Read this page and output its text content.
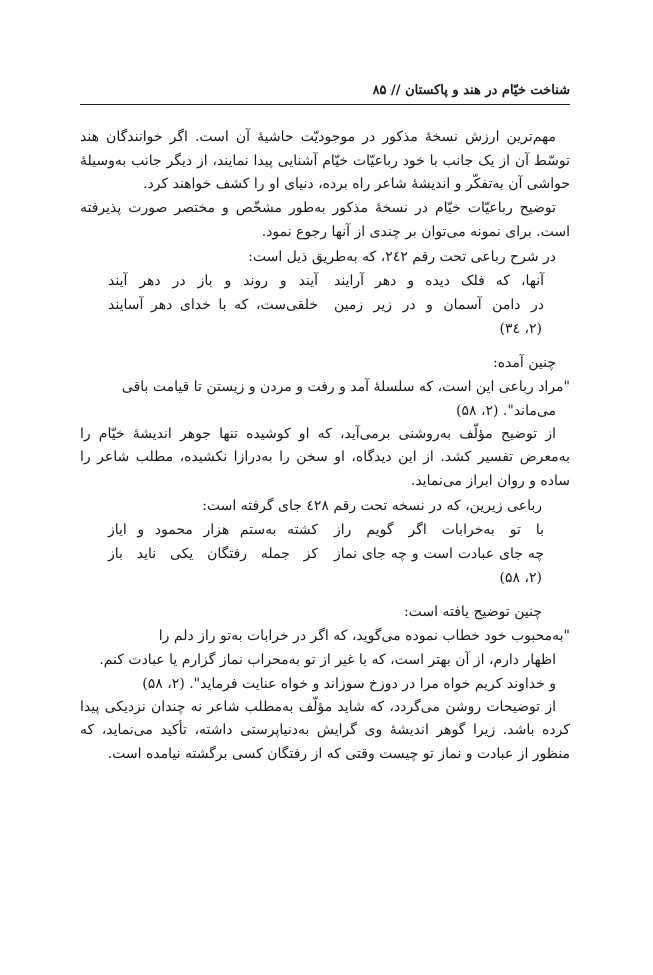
شناخت خیّام در هند و پاکستان // ۸۵

مهم‌ترین ارزش نسخهٔ مذکور در موجودیّت حاشیهٔ آن است. اگر خوانندگان هند توسّط آن از یک جانب با خود رباعیّات خیّام آشنایی پیدا نمایند، از دیگر جانب به‌وسیلهٔ حواشی آن به‌تفکّر و اندیشهٔ شاعر راه برده، دنیای او را کشف خواهند کرد.

توضیح رباعیّات خیّام در نسخهٔ مذکور به‌طور مشخّص و مختصر صورت پذیرفته است. برای نمونه می‌توان بر چندی از آنها رجوع نمود.

در شرح رباعی تحت رقم ۲٤۲، که به‌طریق ذیل است:

آنها، که فلک دیده و دهر آرایند
آیند و روند و باز در دهر آیند
در دامن آسمان و در زیر زمین
خلقی‌ست، که با خدای دهر آسایند

(۲، ۳٤)

چنین آمده:

"مراد رباعی این است، که سلسلهٔ آمد و رفت و مردن و زیستن تا قیامت باقی

می‌ماند". (۲، ۵۸)

از توضیح مؤلّف به‌روشنی برمی‌آید، که او کوشیده تنها جوهر اندیشهٔ خیّام را به‌معرض تفسیر کشد. از این دیدگاه، او سخن را به‌درازا نکشیده، مطلب شاعر را ساده و روان ابراز می‌نماید.

رباعی زیرین، که در نسخه تحت رقم ٤۲۸ جای گرفته است:

با تو به‌خرابات اگر گویم راز
کشته به‌ستم هزار محمود و ایاز
چه جای عبادت است و چه جای نماز
کز جمله رفتگان یکی ناید باز

(۲، ۵۸)

چنین توضیح یافته است:

"به‌محبوب خود خطاب نموده می‌گوید، که اگر در خرابات به‌تو راز دلم را

اظهار دارم، از آن بهتر است، که با غیر از تو به‌محراب نماز گزارم یا عبادت کنم.

و خداوند کریم خواه مرا در دوزخ سوزاند و خواه عنایت فرماید". (۲، ۵۸)

از توضیحات روشن می‌گردد، که شاید مؤلّف به‌مطلب شاعر نه چندان نزدیکی پیدا کرده باشد. زیرا گوهر اندیشهٔ وی گرایش به‌دنیاپرستی داشته، تأکید می‌نماید، که منظور از عبادت و نماز تو چیست وقتی که از رفتگان کسی برگشته نیامده است.
